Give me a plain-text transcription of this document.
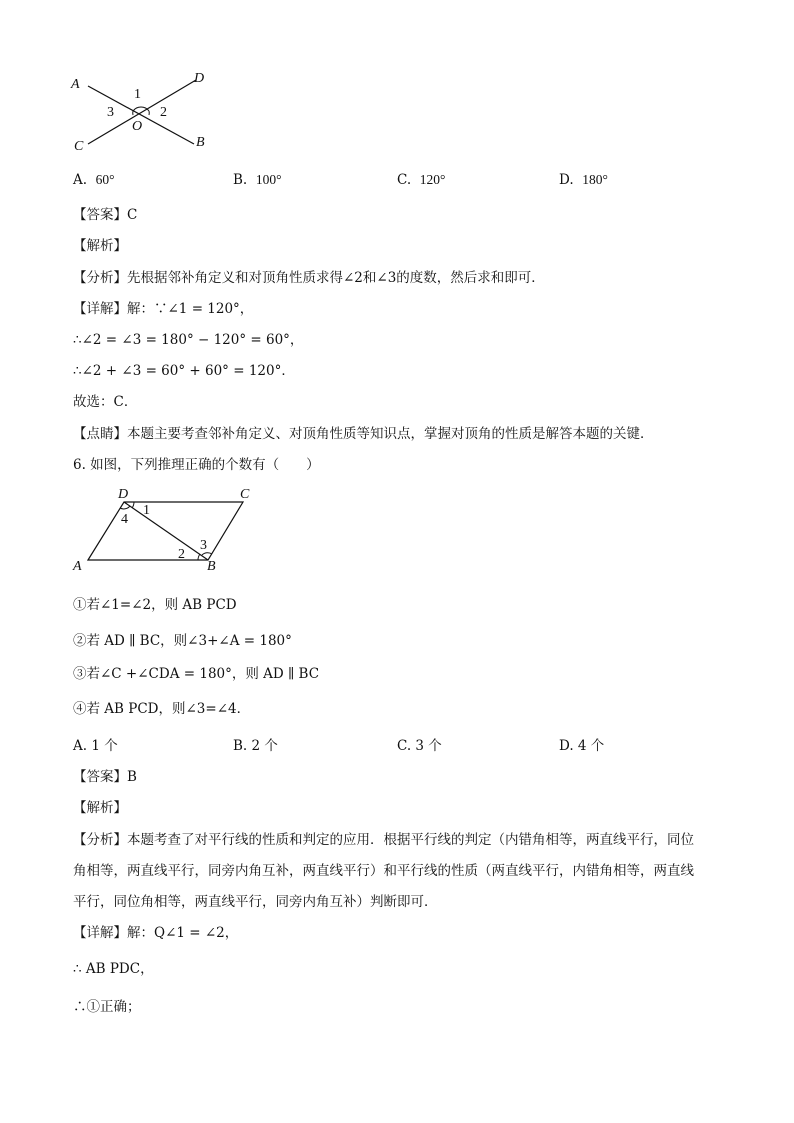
A	D
C	B
O
1
2
3
A. 60°	B. 100°	C. 120°	D. 180°
【答案】C
【解析】
【分析】先根据邻补角定义和对顶角性质求得∠2和∠3的度数，然后求和即可．
【详解】解：∵∠1 = 120°，
∴∠2 = ∠3 = 180° − 120° = 60°，
∴∠2 + ∠3 = 60° + 60° = 120°．
故选：C．
【点睛】本题主要考查邻补角定义、对顶角性质等知识点，掌握对顶角的性质是解答本题的关键．
6. 如图，下列推理正确的个数有（　　）
D	C
A	B
1
4
2
3
①若∠1=∠2，则 AB PCD
②若 AD ∥ BC，则∠3+∠A = 180°
③若∠C +∠CDA = 180°，则 AD ∥ BC
④若 AB PCD，则∠3=∠4．
A. 1 个	B. 2 个	C. 3 个	D. 4 个
【答案】B
【解析】
【分析】本题考查了对平行线的性质和判定的应用．根据平行线的判定（内错角相等，两直线平行，同位
角相等，两直线平行，同旁内角互补，两直线平行）和平行线的性质（两直线平行，内错角相等，两直线
平行，同位角相等，两直线平行，同旁内角互补）判断即可．
【详解】解：Q∠1 = ∠2，
∴ AB PDC，
∴①正确；
